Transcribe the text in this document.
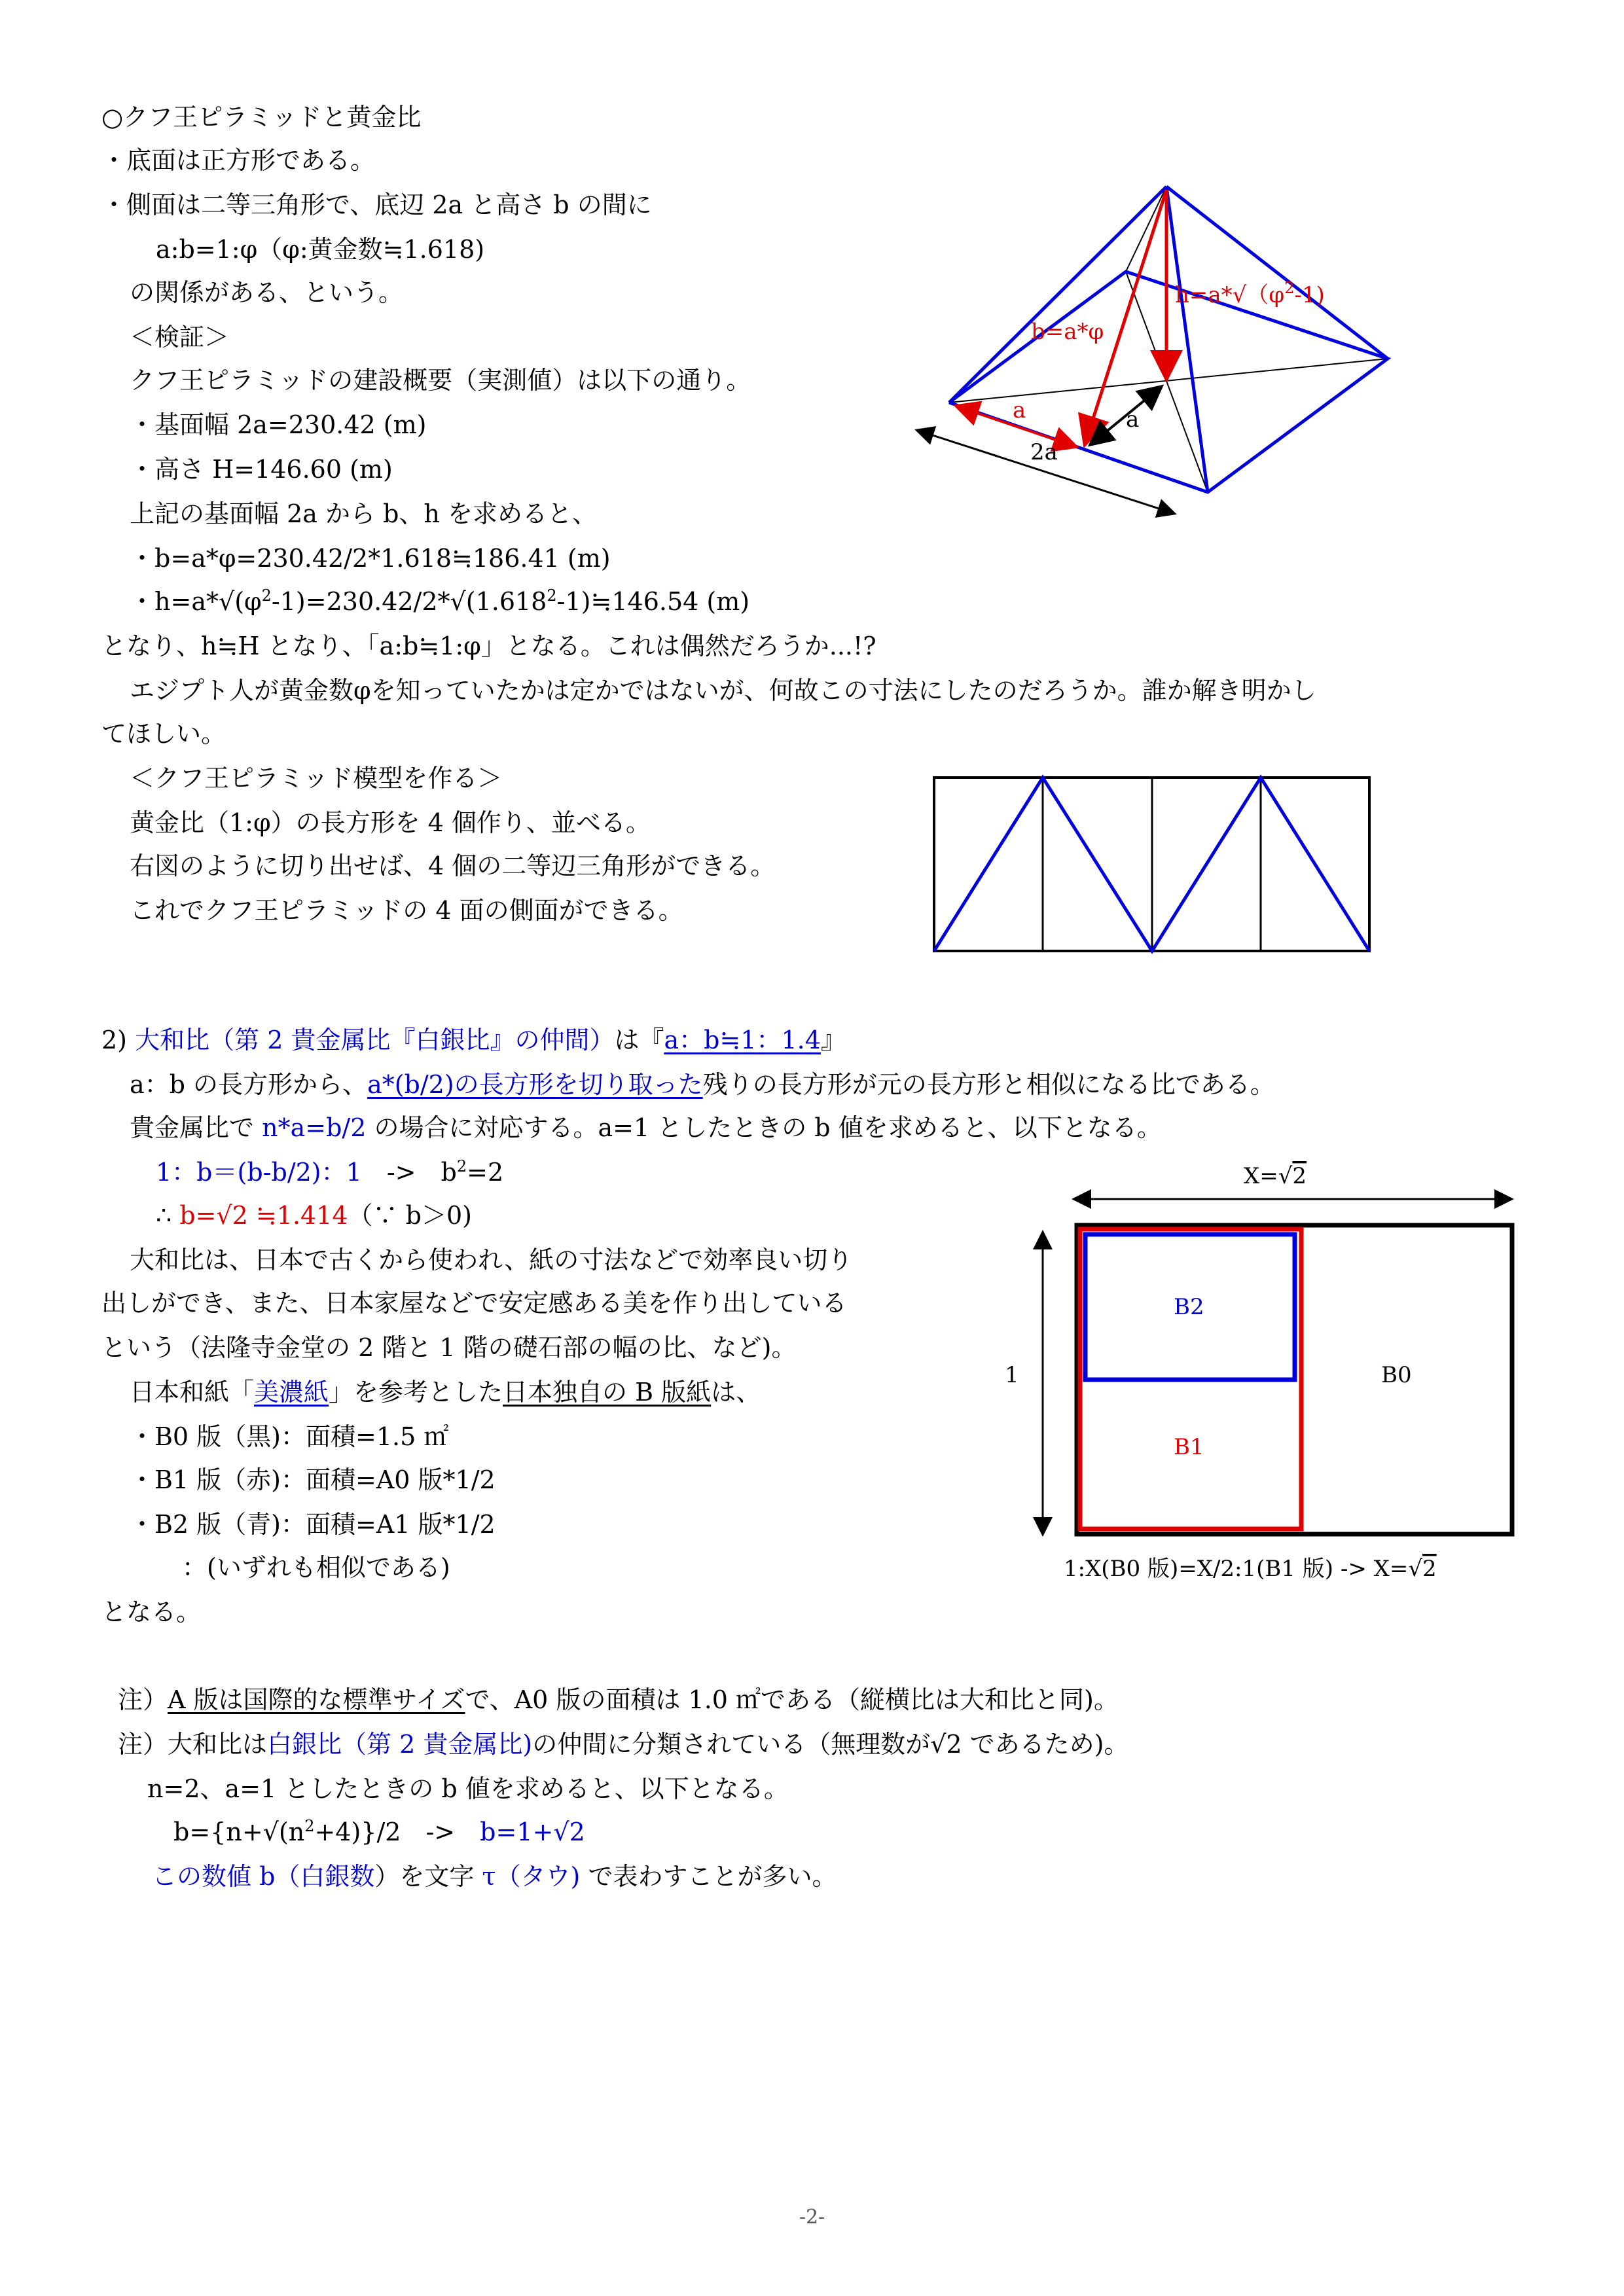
○クフ王ピラミッドと黄金比
・底面は正方形である。
・側面は二等三角形で、底辺 2a と高さ b の間に
a:b=1:φ（φ:黄金数≒1.618)
の関係がある、という。
＜検証＞
クフ王ピラミッドの建設概要（実測値）は以下の通り。
・基面幅 2a=230.42 (m)
・高さ H=146.60 (m)
上記の基面幅 2a から b、h を求めると、
・b=a*φ=230.42/2*1.618≒186.41 (m)
・$h=a*√(\varphi^2-1)=230.42/2*√(1.618^2-1)≒146.54$ (m)
となり、h≒H となり、「a:b≒1:φ」となる。これは偶然だろうか...!?
エジプト人が黄金数φを知っていたかは定かではないが、何故この寸法にしたのだろうか。誰か解き明かし
てほしい。
＜クフ王ピラミッド模型を作る＞
黄金比（1:φ）の長方形を 4 個作り、並べる。
右図のように切り出せば、4 個の二等辺三角形ができる。
これでクフ王ピラミッドの 4 面の側面ができる。
b=a*φ
$h=a*√(\varphi^2-1)$
a	a
2a
2) 大和比（第 2 貴金属比『白銀比』の仲間）は『a：b≒1：1.4』
a：b の長方形から、a*(b/2)の長方形を切り取った残りの長方形が元の長方形と相似になる比である。
貴金属比で n*a=b/2 の場合に対応する。a=1 としたときの b 値を求めると、以下となる。
1：b＝(b-b/2)：1　->　$b^2=2$
∴ b=√2 ≒1.414（∵ b＞0)
大和比は、日本で古くから使われ、紙の寸法などで効率良い切り
出しができ、また、日本家屋などで安定感ある美を作り出している
という（法隆寺金堂の 2 階と 1 階の礎石部の幅の比、など)。
日本和紙「美濃紙」を参考とした日本独自の B 版紙は、
・B0 版（黒)：面積=1.5 ㎡
・B1 版（赤)：面積=A0 版*1/2
・B2 版（青)：面積=A1 版*1/2
：(いずれも相似である)
となる。
X=√2
1
B2
B1
B0
1:X(B0 版)=X/2:1(B1 版) -> X=√2
注）A 版は国際的な標準サイズで、A0 版の面積は 1.0 ㎡である（縦横比は大和比と同)。
注）大和比は白銀比（第 2 貴金属比)の仲間に分類されている（無理数が√2 であるため)。
n=2、a=1 としたときの b 値を求めると、以下となる。
$b=\{n+√(n^2+4)\}/2$　->　b=1+√2
この数値 b（白銀数）を文字 τ（タウ) で表わすことが多い。
-2-
